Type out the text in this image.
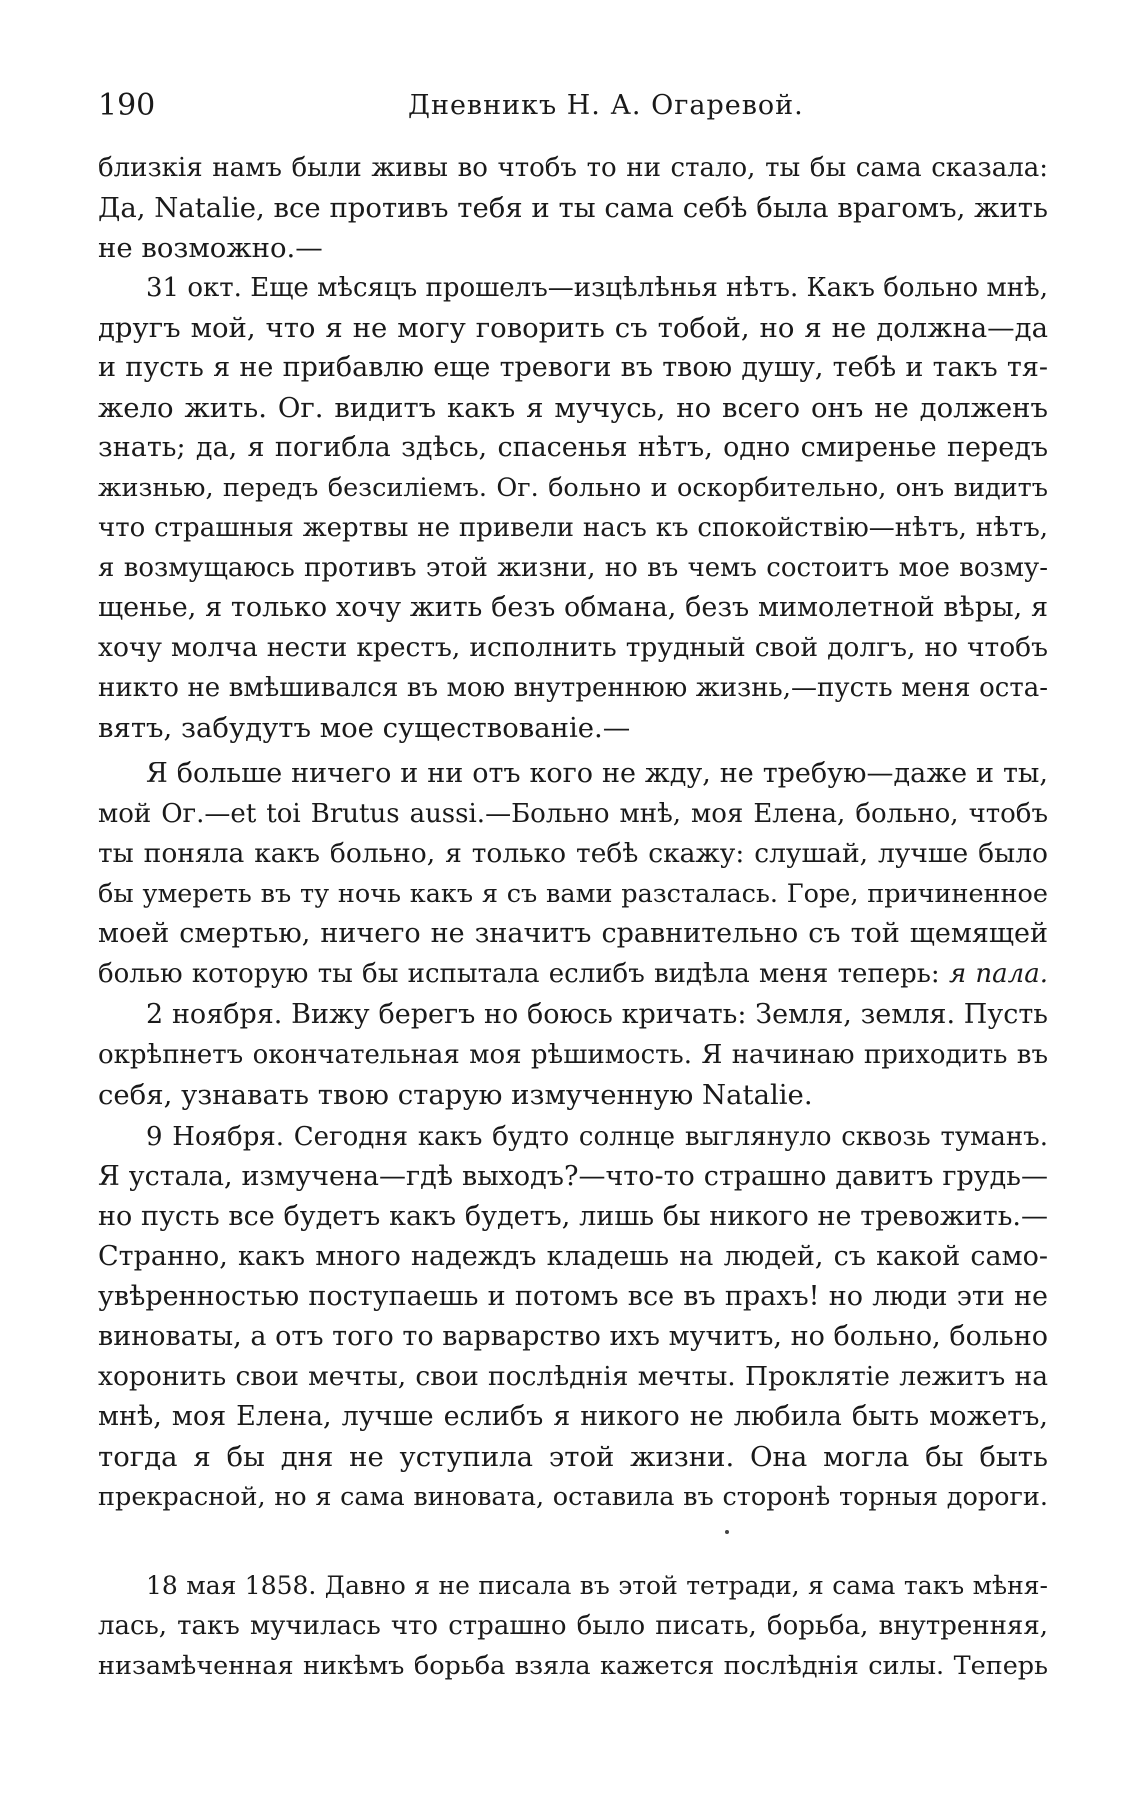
190	Дневникъ Н. А. Огаревой.
близкія намъ были живы во чтобъ то ни стало, ты бы сама сказала:
Да, Natalie, все противъ тебя и ты сама себѣ была врагомъ, жить
не возможно.—
31 окт. Еще мѣсяцъ прошелъ—изцѣлѣнья нѣтъ. Какъ больно мнѣ,
другъ мой, что я не могу говорить съ тобой, но я не должна—да
и пусть я не прибавлю еще тревоги въ твою душу, тебѣ и такъ тя-
жело жить. Ог. видитъ какъ я мучусь, но всего онъ не долженъ
знать; да, я погибла здѣсь, спасенья нѣтъ, одно смиренье передъ
жизнью, передъ безсиліемъ. Ог. больно и оскорбительно, онъ видитъ
что страшныя жертвы не привели насъ къ спокойствію—нѣтъ, нѣтъ,
я возмущаюсь противъ этой жизни, но въ чемъ состоитъ мое возму-
щенье, я только хочу жить безъ обмана, безъ мимолетной вѣры, я
хочу молча нести крестъ, исполнить трудный свой долгъ, но чтобъ
никто не вмѣшивался въ мою внутреннюю жизнь,—пусть меня оста-
вятъ, забудутъ мое существованіе.—
Я больше ничего и ни отъ кого не жду, не требую—даже и ты,
мой Ог.—et toi Brutus aussi.—Больно мнѣ, моя Елена, больно, чтобъ
ты поняла какъ больно, я только тебѣ скажу: слушай, лучше было
бы умереть въ ту ночь какъ я съ вами разсталась. Горе, причиненное
моей смертью, ничего не значитъ сравнительно съ той щемящей
болью которую ты бы испытала еслибъ видѣла меня теперь: я пала.
2 ноября. Вижу берегъ но боюсь кричать: Земля, земля. Пусть
окрѣпнетъ окончательная моя рѣшимость. Я начинаю приходить въ
себя, узнавать твою старую измученную Natalie.
9 Ноября. Сегодня какъ будто солнце выглянуло сквозь туманъ.
Я устала, измучена—гдѣ выходъ?—что-то страшно давитъ грудь—
но пусть все будетъ какъ будетъ, лишь бы никого не тревожить.—
Странно, какъ много надеждъ кладешь на людей, съ какой само-
увѣренностью поступаешь и потомъ все въ прахъ! но люди эти не
виноваты, а отъ того то варварство ихъ мучитъ, но больно, больно
хоронить свои мечты, свои послѣднія мечты. Проклятіе лежитъ на
мнѣ, моя Елена, лучше еслибъ я никого не любила быть можетъ,
тогда я бы дня не уступила этой жизни. Она могла бы быть
прекрасной, но я сама виновата, оставила въ сторонѣ торныя дороги.
18 мая 1858. Давно я не писала въ этой тетради, я сама такъ мѣня-
лась, такъ мучилась что страшно было писать, борьба, внутренняя,
низамѣченная никѣмъ борьба взяла кажется послѣднія силы. Теперь
